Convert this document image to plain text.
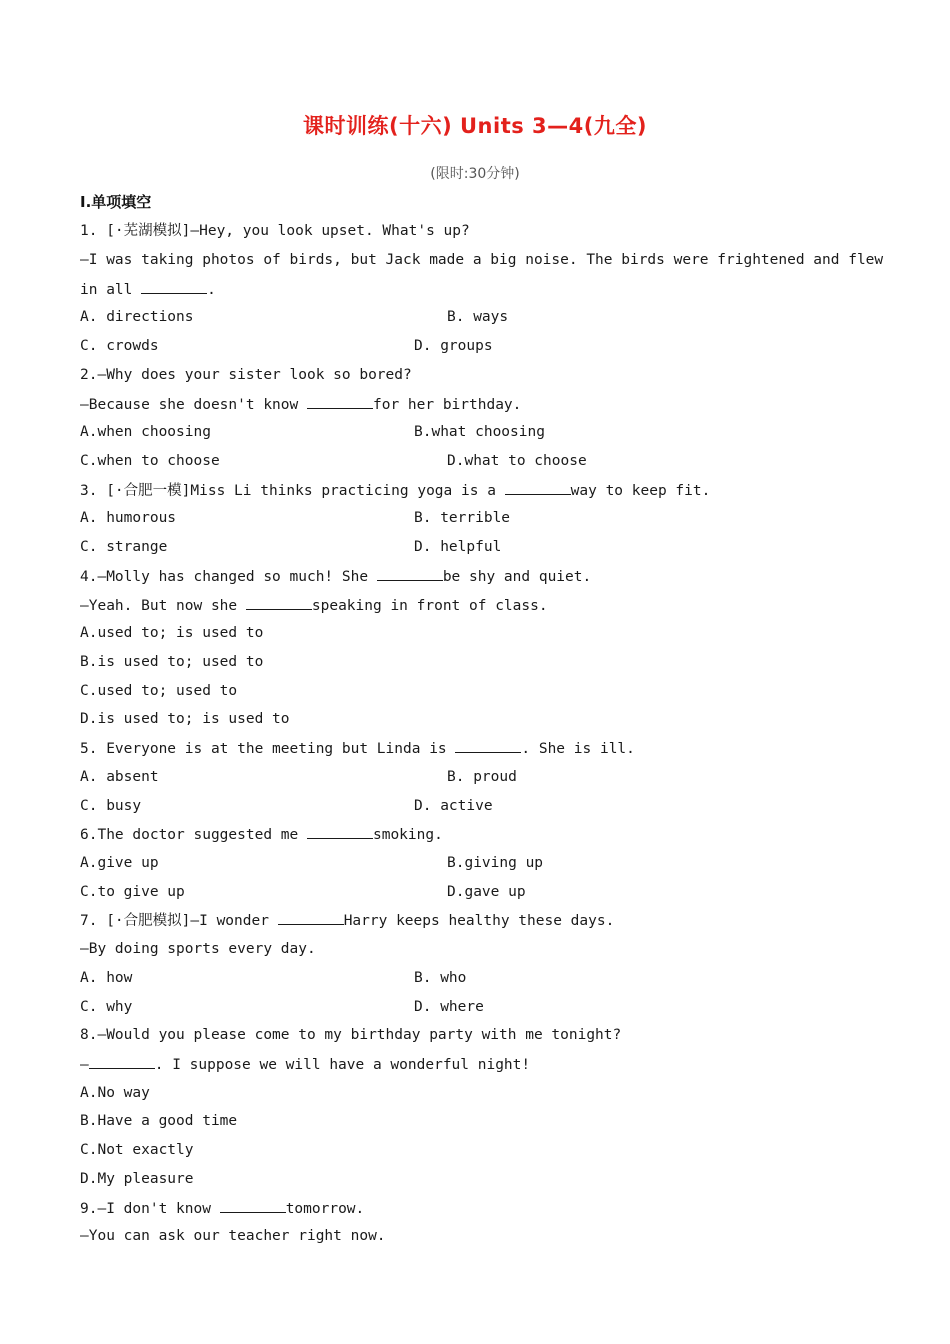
课时训练(十六) Units 3—4(九全)
(限时:30分钟)
Ⅰ.单项填空
1. [·芜湖模拟]—Hey, you look upset. What's up?
—I was taking photos of birds, but Jack made a big noise. The birds were frightened and flew
in all	.
A. directions	B. ways
C. crowds	D. groups
2.—Why does your sister look so bored?
—Because she doesn't know	for her birthday.
A.when choosing	B.what choosing
C.when to choose	D.what to choose
3. [·合肥一模]Miss Li thinks practicing yoga is a	way to keep fit.
A. humorous	B. terrible
C. strange	D. helpful
4.—Molly has changed so much! She	be shy and quiet.
—Yeah. But now she	speaking in front of class.
A.used to; is used to
B.is used to; used to
C.used to; used to
D.is used to; is used to
5. Everyone is at the meeting but Linda is	. She is ill.
A. absent	B. proud
C. busy	D. active
6.The doctor suggested me	smoking.
A.give up	B.giving up
C.to give up	D.gave up
7. [·合肥模拟]—I wonder	Harry keeps healthy these days.
—By doing sports every day.
A. how	B. who
C. why	D. where
8.—Would you please come to my birthday party with me tonight?
—	. I suppose we will have a wonderful night!
A.No way
B.Have a good time
C.Not exactly
D.My pleasure
9.—I don't know	tomorrow.
—You can ask our teacher right now.
